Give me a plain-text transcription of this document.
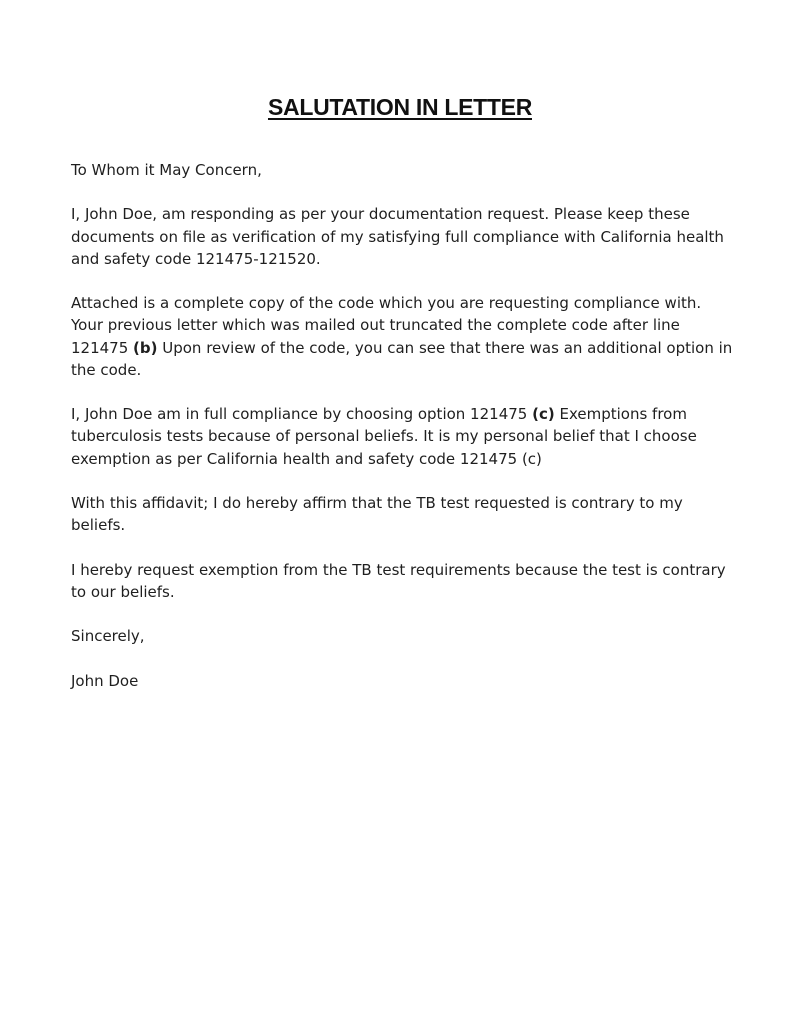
SALUTATION IN LETTER

To Whom it May Concern,

I, John Doe, am responding as per your documentation request. Please keep these documents on file as verification of my satisfying full compliance with California health and safety code 121475-121520.

Attached is a complete copy of the code which you are requesting compliance with. Your previous letter which was mailed out truncated the complete code after line 121475 (b) Upon review of the code, you can see that there was an additional option in the code.

I, John Doe am in full compliance by choosing option 121475 (c) Exemptions from tuberculosis tests because of personal beliefs. It is my personal belief that I choose exemption as per California health and safety code 121475 (c)

With this affidavit; I do hereby affirm that the TB test requested is contrary to my beliefs.

I hereby request exemption from the TB test requirements because the test is contrary to our beliefs.

Sincerely,

John Doe
